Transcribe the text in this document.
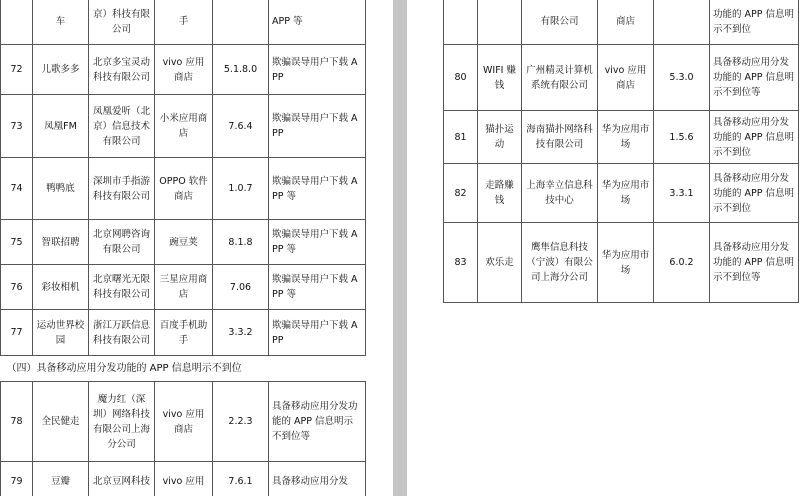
	车	京）科技有限公司	手		APP 等
72	儿歌多多	北京多宝灵动科技有限公司	vivo 应用商店	5.1.8.0	欺骗误导用户下载 APP
73	凤凰FM	凤凰爱听（北京）信息技术有限公司	小米应用商店	7.6.4	欺骗误导用户下载 APP
74	鸭鸭底	深圳市手指游科技有限公司	OPPO 软件商店	1.0.7	欺骗误导用户下载 APP 等
75	智联招聘	北京网聘咨询有限公司	豌豆荚	8.1.8	欺骗误导用户下载 APP 等
76	彩妆相机	北京曙光无限科技有限公司	三星应用商店	7.06	欺骗误导用户下载 APP 等
77	运动世界校园	浙江万跃信息科技有限公司	百度手机助手	3.3.2	欺骗误导用户下载 APP
（四）具备移动应用分发功能的 APP 信息明示不到位					
78	全民健走	魔力红（深圳）网络科技有限公司上海分公司	vivo 应用商店	2.2.3	具备移动应用分发功能的 APP 信息明示不到位等
79	豆瓣	北京豆网科技	vivo 应用	7.6.1	具备移动应用分发
		有限公司	商店		功能的 APP 信息明示不到位
80	WIFI 赚钱	广州精灵计算机系统有限公司	vivo 应用商店	5.3.0	具备移动应用分发功能的 APP 信息明示不到位等
81	猫扑运动	海南猫扑网络科技有限公司	华为应用市场	1.5.6	具备移动应用分发功能的 APP 信息明示不到位
82	走路赚钱	上海幸立信息科技中心	华为应用市场	3.3.1	具备移动应用分发功能的 APP 信息明示不到位
83	欢乐走	鹰隼信息科技（宁波）有限公司上海分公司	华为应用市场	6.0.2	具备移动应用分发功能的 APP 信息明示不到位等
